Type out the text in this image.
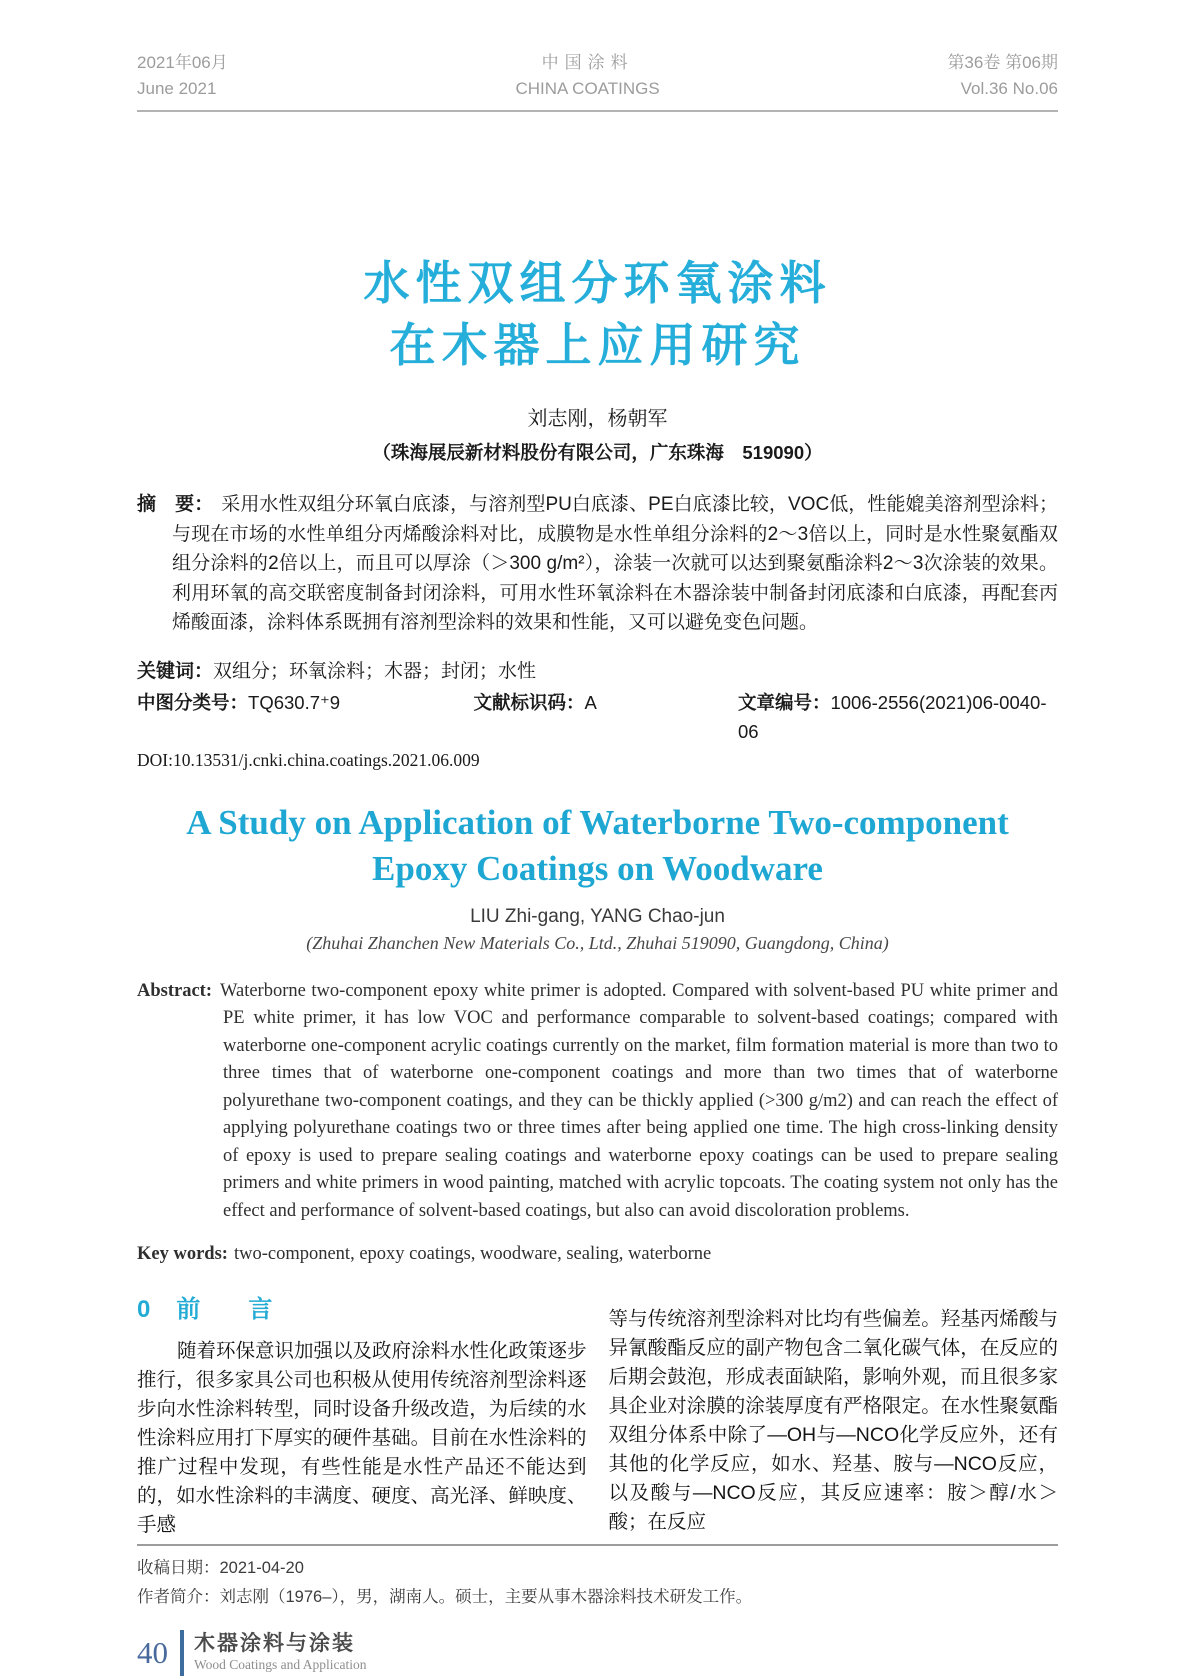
2021年06月
June 2021
中国涂料
CHINA COATINGS
第36卷 第06期
Vol.36 No.06
水性双组分环氧涂料
在木器上应用研究
刘志刚，杨朝军
（珠海展辰新材料股份有限公司，广东珠海　519090）

摘　要： 采用水性双组分环氧白底漆，与溶剂型PU白底漆、PE白底漆比较，VOC低，性能媲美溶剂型涂料；与现在市场的水性单组分丙烯酸涂料对比，成膜物是水性单组分涂料的2～3倍以上，同时是水性聚氨酯双组分涂料的2倍以上，而且可以厚涂（＞300 g/m²），涂装一次就可以达到聚氨酯涂料2～3次涂装的效果。利用环氧的高交联密度制备封闭涂料，可用水性环氧涂料在木器涂装中制备封闭底漆和白底漆，再配套丙烯酸面漆，涂料体系既拥有溶剂型涂料的效果和性能，又可以避免变色问题。

关键词：双组分；环氧涂料；木器；封闭；水性
中图分类号：TQ630.7⁺9	文献标识码：A	文章编号：1006-2556(2021)06-0040-06
DOI:10.13531/j.cnki.china.coatings.2021.06.009
A Study on Application of Waterborne Two-component
Epoxy Coatings on Woodware
LIU Zhi-gang, YANG Chao-jun
(Zhuhai Zhanchen New Materials Co., Ltd., Zhuhai 519090, Guangdong, China)

Abstract: Waterborne two-component epoxy white primer is adopted. Compared with solvent-based PU white primer and PE white primer, it has low VOC and performance comparable to solvent-based coatings; compared with waterborne one-component acrylic coatings currently on the market, film formation material is more than two to three times that of waterborne one-component coatings and more than two times that of waterborne polyurethane two-component coatings, and they can be thickly applied (>300 g/m2) and can reach the effect of applying polyurethane coatings two or three times after being applied one time. The high cross-linking density of epoxy is used to prepare sealing coatings and waterborne epoxy coatings can be used to prepare sealing primers and white primers in wood painting, matched with acrylic topcoats. The coating system not only has the effect and performance of solvent-based coatings, but also can avoid discoloration problems.

Key words: two-component, epoxy coatings, woodware, sealing, waterborne
0 前　言

随着环保意识加强以及政府涂料水性化政策逐步推行，很多家具公司也积极从使用传统溶剂型涂料逐步向水性涂料转型，同时设备升级改造，为后续的水性涂料应用打下厚实的硬件基础。目前在水性涂料的推广过程中发现，有些性能是水性产品还不能达到的，如水性涂料的丰满度、硬度、高光泽、鲜映度、手感

等与传统溶剂型涂料对比均有些偏差。羟基丙烯酸与异氰酸酯反应的副产物包含二氧化碳气体，在反应的后期会鼓泡，形成表面缺陷，影响外观，而且很多家具企业对涂膜的涂装厚度有严格限定。在水性聚氨酯双组分体系中除了—OH与—NCO化学反应外，还有其他的化学反应，如水、羟基、胺与—NCO反应，以及酸与—NCO反应，其反应速率：胺＞醇/水＞酸；在反应

收稿日期：2021-04-20
作者简介：刘志刚（1976–），男，湖南人。硕士，主要从事木器涂料技术研发工作。
40 木器涂料与涂装
Wood Coatings and Application
